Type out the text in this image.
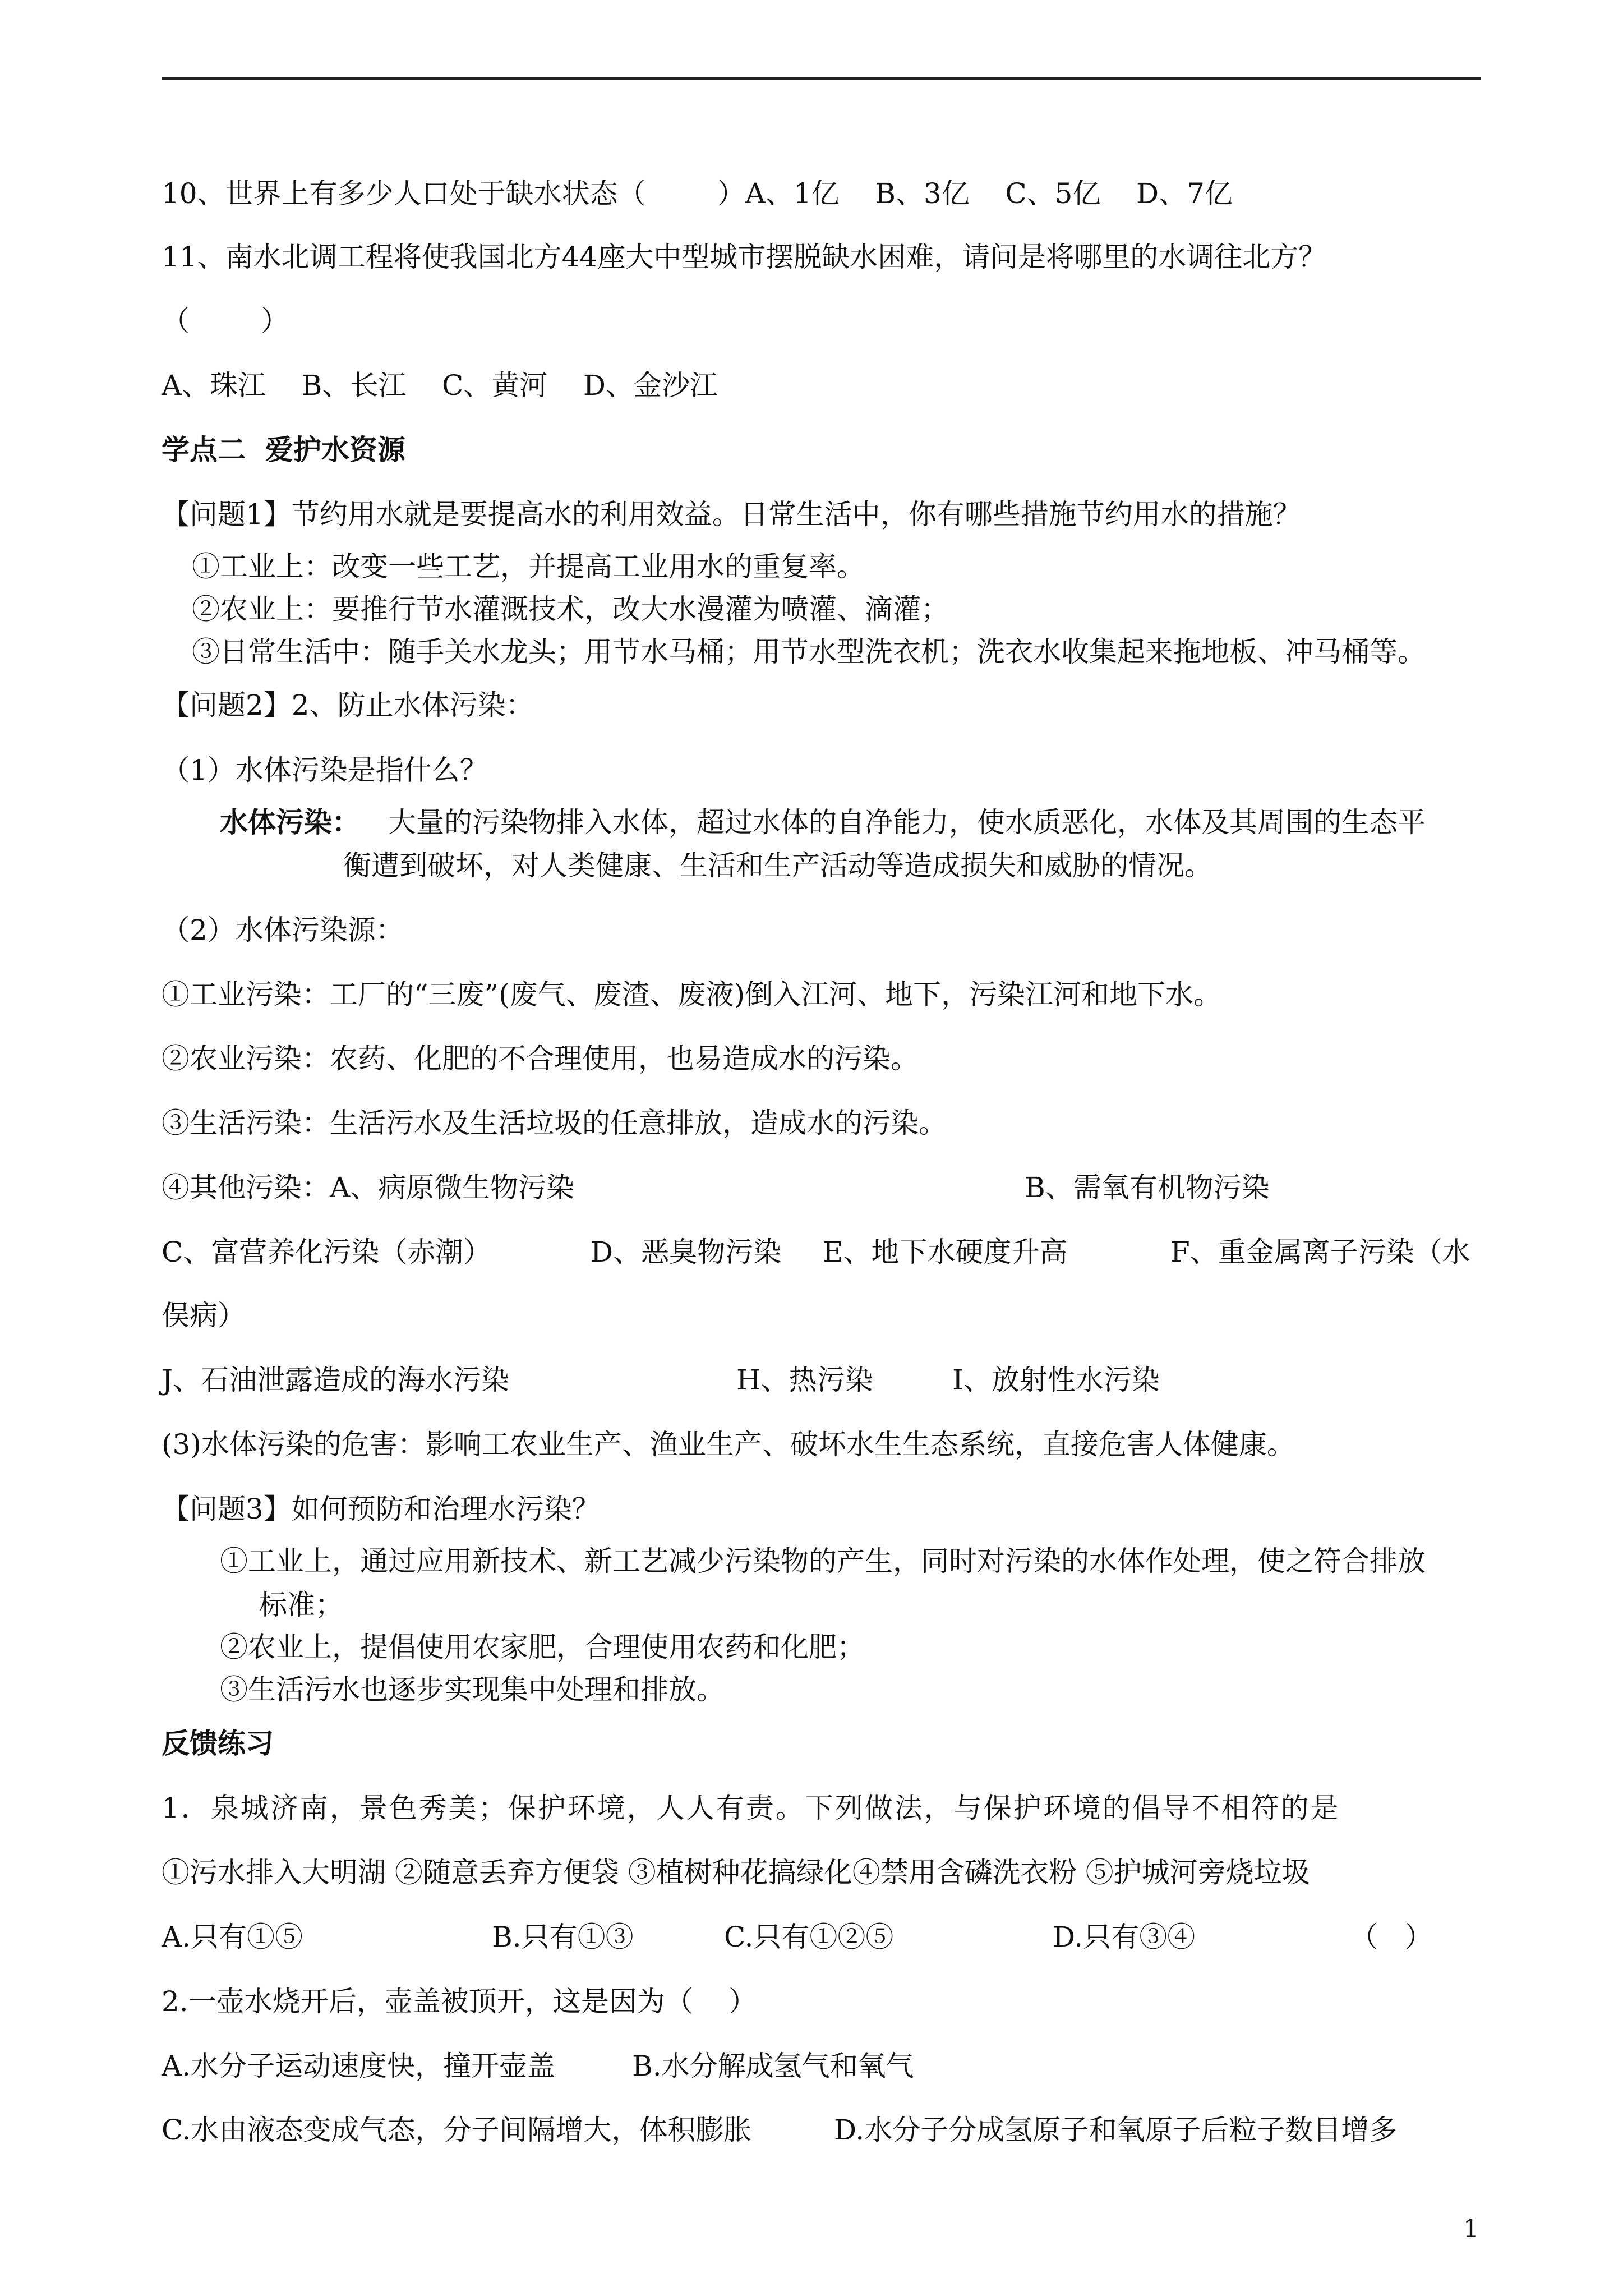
10、世界上有多少人口处于缺水状态（        ）A、1亿    B、3亿    C、5亿    D、7亿
11、南水北调工程将使我国北方44座大中型城市摆脱缺水困难，请问是将哪里的水调往北方？
（        ）
A、珠江    B、长江    C、黄河    D、金沙江
学点二  爱护水资源
【问题1】节约用水就是要提高水的利用效益。日常生活中，你有哪些措施节约用水的措施？
①工业上：改变一些工艺，并提高工业用水的重复率。
②农业上：要推行节水灌溉技术，改大水漫灌为喷灌、滴灌；
③日常生活中：随手关水龙头；用节水马桶；用节水型洗衣机；洗衣水收集起来拖地板、冲马桶等。
【问题2】2、防止水体污染：
（1）水体污染是指什么？
水体污染： 大量的污染物排入水体，超过水体的自净能力，使水质恶化，水体及其周围的生态平
衡遭到破坏，对人类健康、生活和生产活动等造成损失和威胁的情况。
（2）水体污染源：
①工业污染：工厂的“三废”(废气、废渣、废液)倒入江河、地下，污染江河和地下水。
②农业污染：农药、化肥的不合理使用，也易造成水的污染。
③生活污染：生活污水及生活垃圾的任意排放，造成水的污染。
④其他污染：A、病原微生物污染	B、需氧有机物污染
C、富营养化污染（赤潮）	D、恶臭物污染 E、地下水硬度升高	F、重金属离子污染（水
俣病）
J、石油泄露造成的海水污染	H、热污染	I、放射性水污染
(3)水体污染的危害：影响工农业生产、渔业生产、破坏水生生态系统，直接危害人体健康。
【问题3】如何预防和治理水污染？
①工业上，通过应用新技术、新工艺减少污染物的产生，同时对污染的水体作处理，使之符合排放
标准；
②农业上，提倡使用农家肥，合理使用农药和化肥；
③生活污水也逐步实现集中处理和排放。
反馈练习
1．泉城济南，景色秀美；保护环境，人人有责。下列做法，与保护环境的倡导不相符的是
①污水排入大明湖 ②随意丢弃方便袋 ③植树种花搞绿化④禁用含磷洗衣粉 ⑤护城河旁烧垃圾
A.只有①⑤	B.只有①③	C.只有①②⑤	D.只有③④	（   ）
2.一壶水烧开后，壶盖被顶开，这是因为（    ）
A.水分子运动速度快，撞开壶盖	B.水分解成氢气和氧气
C.水由液态变成气态，分子间隔增大，体积膨胀	D.水分子分成氢原子和氧原子后粒子数目增多
1
